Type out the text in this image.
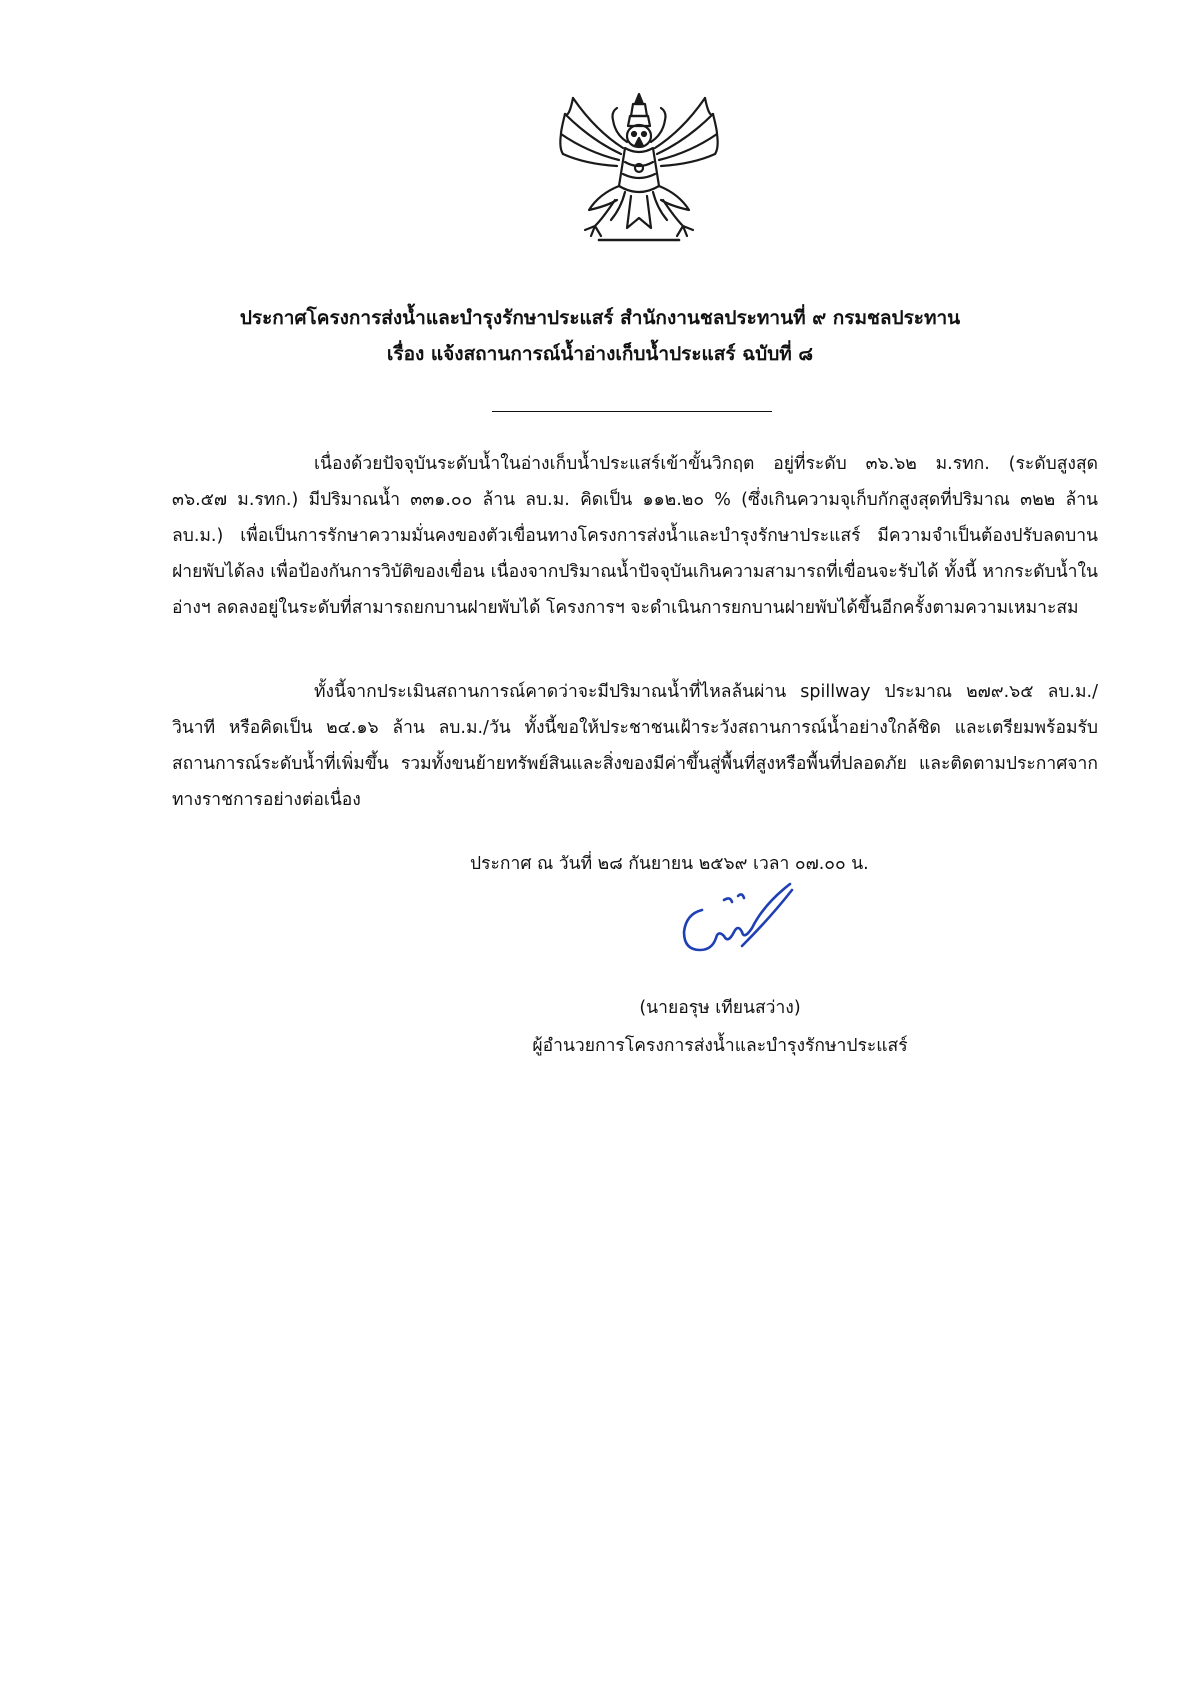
ประกาศโครงการส่งน้ำและบำรุงรักษาประแสร์ สำนักงานชลประทานที่ ๙ กรมชลประทาน
เรื่อง แจ้งสถานการณ์น้ำอ่างเก็บน้ำประแสร์ ฉบับที่ ๘

เนื่องด้วยปัจจุบันระดับน้ำในอ่างเก็บน้ำประแสร์เข้าขั้นวิกฤต อยู่ที่ระดับ ๓๖.๖๒ ม.รทก. (ระดับสูงสุด ๓๖.๕๗ ม.รทก.) มีปริมาณน้ำ ๓๓๑.๐๐ ล้าน ลบ.ม. คิดเป็น ๑๑๒.๒๐ % (ซึ่งเกินความจุเก็บกักสูงสุดที่ปริมาณ ๓๒๒ ล้าน ลบ.ม.) เพื่อเป็นการรักษาความมั่นคงของตัวเขื่อนทางโครงการส่งน้ำและบำรุงรักษาประแสร์ มีความจำเป็นต้องปรับลดบานฝายพับได้ลง เพื่อป้องกันการวิบัติของเขื่อน เนื่องจากปริมาณน้ำปัจจุบันเกินความสามารถที่เขื่อนจะรับได้ ทั้งนี้ หากระดับน้ำในอ่างฯ ลดลงอยู่ในระดับที่สามารถยกบานฝายพับได้ โครงการฯ จะดำเนินการยกบานฝายพับได้ขึ้นอีกครั้งตามความเหมาะสม

ทั้งนี้จากประเมินสถานการณ์คาดว่าจะมีปริมาณน้ำที่ไหลล้นผ่าน spillway ประมาณ ๒๗๙.๖๕ ลบ.ม./วินาที หรือคิดเป็น ๒๔.๑๖ ล้าน ลบ.ม./วัน ทั้งนี้ขอให้ประชาชนเฝ้าระวังสถานการณ์น้ำอย่างใกล้ชิด และเตรียมพร้อมรับสถานการณ์ระดับน้ำที่เพิ่มขึ้น รวมทั้งขนย้ายทรัพย์สินและสิ่งของมีค่าขึ้นสู่พื้นที่สูงหรือพื้นที่ปลอดภัย และติดตามประกาศจากทางราชการอย่างต่อเนื่อง

ประกาศ ณ วันที่ ๒๘ กันยายน ๒๕๖๙ เวลา ๐๗.๐๐ น.
(นายอรุษ เทียนสว่าง)
ผู้อำนวยการโครงการส่งน้ำและบำรุงรักษาประแสร์
